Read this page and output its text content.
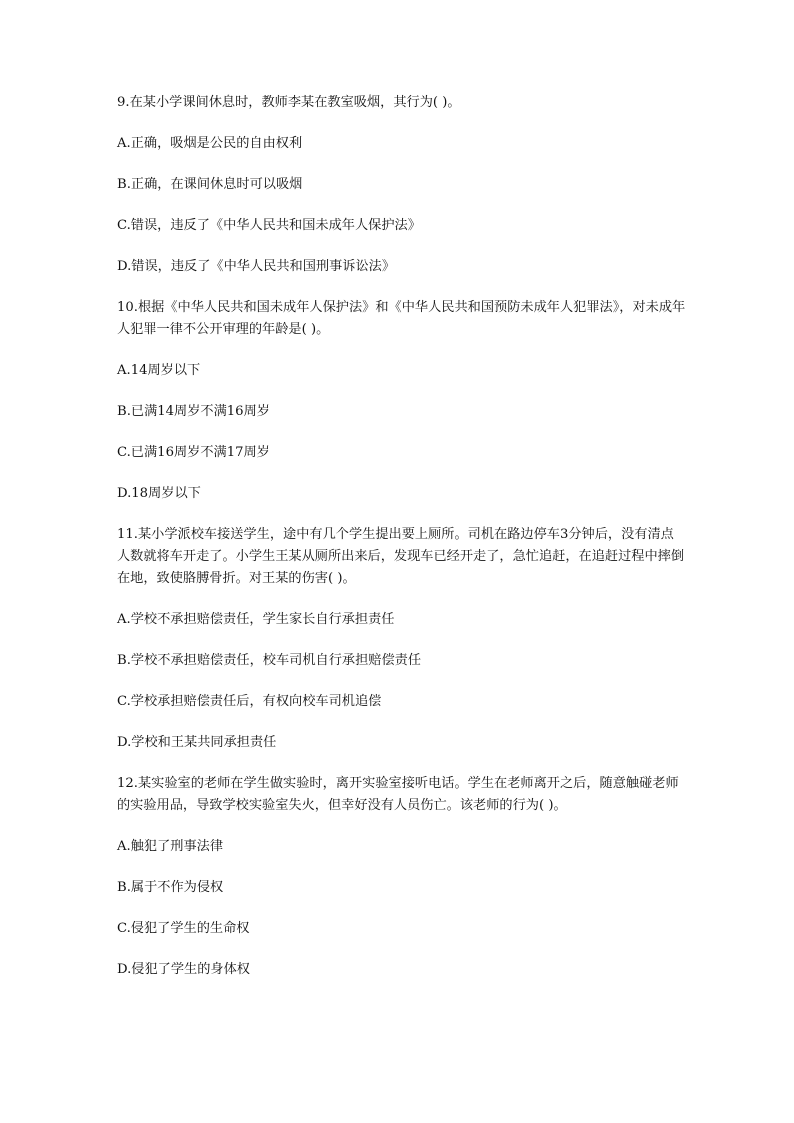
9.在某小学课间休息时，教师李某在教室吸烟，其行为( )。

A.正确，吸烟是公民的自由权利

B.正确，在课间休息时可以吸烟

C.错误，违反了《中华人民共和国未成年人保护法》

D.错误，违反了《中华人民共和国刑事诉讼法》

10.根据《中华人民共和国未成年人保护法》和《中华人民共和国预防未成年人犯罪法》，对未成年人犯罪一律不公开审理的年龄是( )。

A.14周岁以下

B.已满14周岁不满16周岁

C.已满16周岁不满17周岁

D.18周岁以下

11.某小学派校车接送学生，途中有几个学生提出要上厕所。司机在路边停车3分钟后，没有清点人数就将车开走了。小学生王某从厕所出来后，发现车已经开走了，急忙追赶，在追赶过程中摔倒在地，致使胳膊骨折。对王某的伤害( )。

A.学校不承担赔偿责任，学生家长自行承担责任

B.学校不承担赔偿责任，校车司机自行承担赔偿责任

C.学校承担赔偿责任后，有权向校车司机追偿

D.学校和王某共同承担责任

12.某实验室的老师在学生做实验时，离开实验室接听电话。学生在老师离开之后，随意触碰老师的实验用品，导致学校实验室失火，但幸好没有人员伤亡。该老师的行为( )。

A.触犯了刑事法律

B.属于不作为侵权

C.侵犯了学生的生命权

D.侵犯了学生的身体权
